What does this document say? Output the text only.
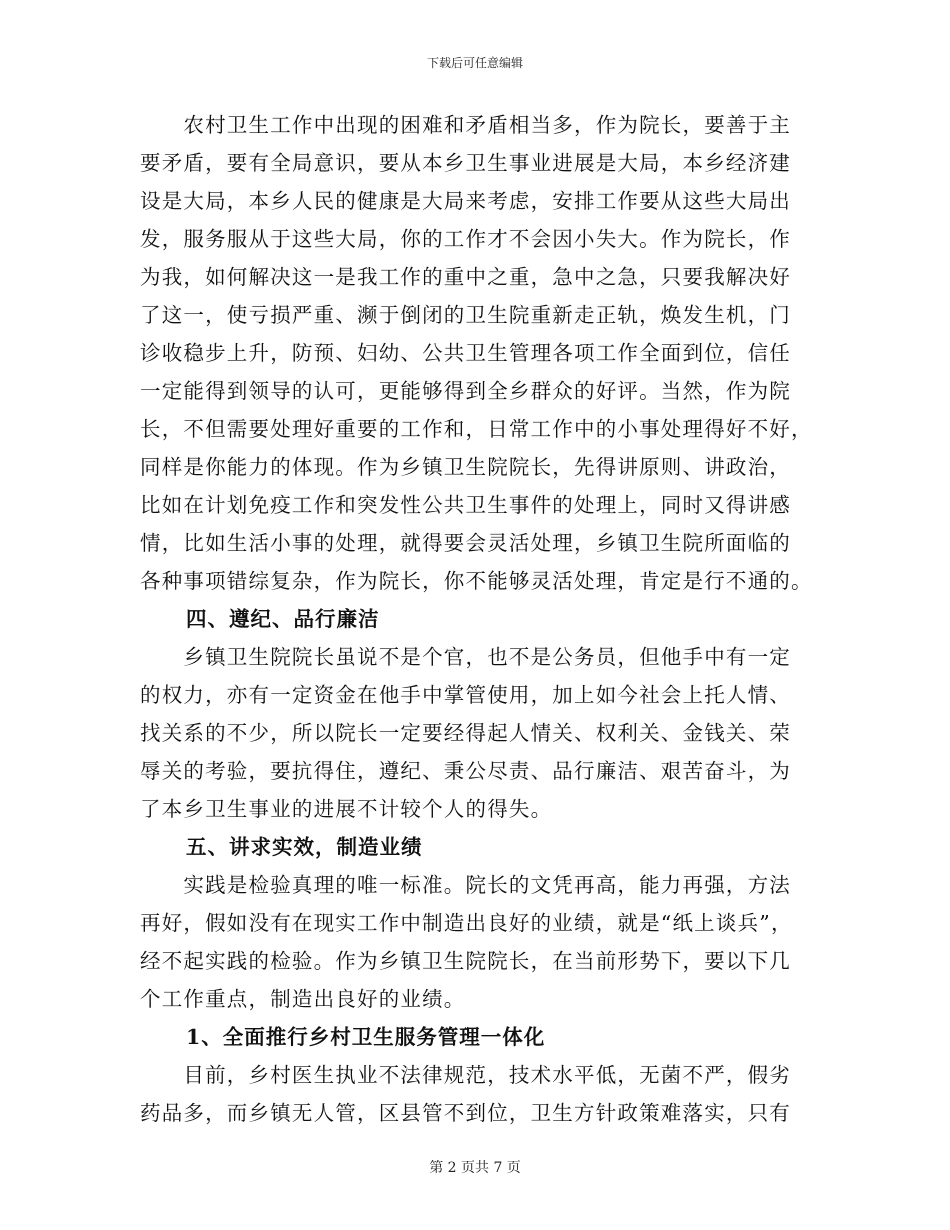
下载后可任意编辑
　　农村卫生工作中出现的困难和矛盾相当多，作为院长，要善于主
要矛盾，要有全局意识，要从本乡卫生事业进展是大局，本乡经济建
设是大局，本乡人民的健康是大局来考虑，安排工作要从这些大局出
发，服务服从于这些大局，你的工作才不会因小失大。作为院长，作
为我，如何解决这一是我工作的重中之重，急中之急，只要我解决好
了这一，使亏损严重、濒于倒闭的卫生院重新走正轨，焕发生机，门
诊收稳步上升，防预、妇幼、公共卫生管理各项工作全面到位，信任
一定能得到领导的认可，更能够得到全乡群众的好评。当然，作为院
长，不但需要处理好重要的工作和，日常工作中的小事处理得好不好，
同样是你能力的体现。作为乡镇卫生院院长，先得讲原则、讲政治，
比如在计划免疫工作和突发性公共卫生事件的处理上，同时又得讲感
情，比如生活小事的处理，就得要会灵活处理，乡镇卫生院所面临的
各种事项错综复杂，作为院长，你不能够灵活处理，肯定是行不通的。
四、遵纪、品行廉洁
　　乡镇卫生院院长虽说不是个官，也不是公务员，但他手中有一定
的权力，亦有一定资金在他手中掌管使用，加上如今社会上托人情、
找关系的不少，所以院长一定要经得起人情关、权利关、金钱关、荣
辱关的考验，要抗得住，遵纪、秉公尽责、品行廉洁、艰苦奋斗，为
了本乡卫生事业的进展不计较个人的得失。
五、讲求实效，制造业绩
　　实践是检验真理的唯一标准。院长的文凭再高，能力再强，方法
再好，假如没有在现实工作中制造出良好的业绩，就是“纸上谈兵”，
经不起实践的检验。作为乡镇卫生院院长，在当前形势下，要以下几
个工作重点，制造出良好的业绩。
1、全面推行乡村卫生服务管理一体化
　　目前，乡村医生执业不法律规范，技术水平低，无菌不严，假劣
药品多，而乡镇无人管，区县管不到位，卫生方针政策难落实，只有
第 2 页共 7 页
